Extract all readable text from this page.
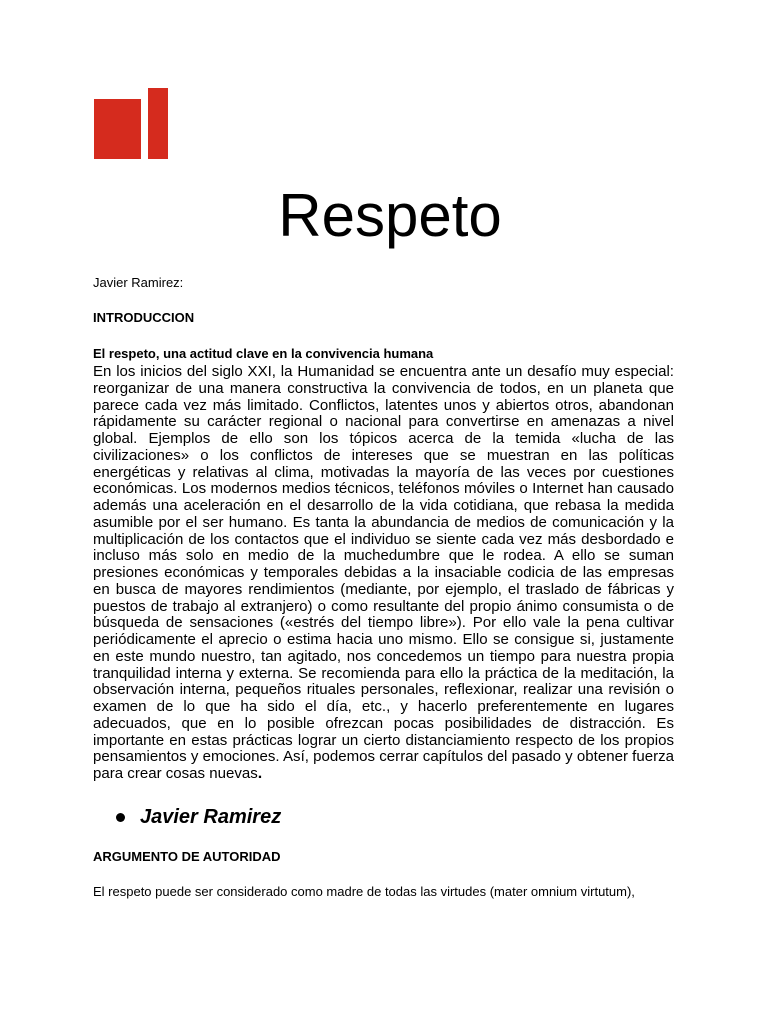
Respeto
Javier Ramirez:
INTRODUCCION
El respeto, una actitud clave en la convivencia humana

En los inicios del siglo XXI, la Humanidad se encuentra ante un desafío muy especial: reorganizar de una manera constructiva la convivencia de todos, en un planeta que parece cada vez más limitado. Conflictos, latentes unos y abiertos otros, abandonan rápidamente su carácter regional o nacional para convertirse en amenazas a nivel global. Ejemplos de ello son los tópicos acerca de la temida «lucha de las civilizaciones» o los conflictos de intereses que se muestran en las políticas energéticas y relativas al clima, motivadas la mayoría de las veces por cuestiones económicas. Los modernos medios técnicos, teléfonos móviles o Internet han causado además una aceleración en el desarrollo de la vida cotidiana, que rebasa la medida asumible por el ser humano. Es tanta la abundancia de medios de comunicación y la multiplicación de los contactos que el individuo se siente cada vez más desbordado e incluso más solo en medio de la muchedumbre que le rodea. A ello se suman presiones económicas y temporales debidas a la insaciable codicia de las empresas en busca de mayores rendimientos (mediante, por ejemplo, el traslado de fábricas y puestos de trabajo al extranjero) o como resultante del propio ánimo consumista o de búsqueda de sensaciones («estrés del tiempo libre»). Por ello vale la pena cultivar periódicamente el aprecio o estima hacia uno mismo. Ello se consigue si, justamente en este mundo nuestro, tan agitado, nos concedemos un tiempo para nuestra propia tranquilidad interna y externa. Se recomienda para ello la práctica de la meditación, la observación interna, pequeños rituales personales, reflexionar, realizar una revisión o examen de lo que ha sido el día, etc., y hacerlo preferentemente en lugares adecuados, que en lo posible ofrezcan pocas posibilidades de distracción. Es importante en estas prácticas lograr un cierto distanciamiento respecto de los propios pensamientos y emociones. Así, podemos cerrar capítulos del pasado y obtener fuerza para crear cosas nuevas.

Javier Ramirez
ARGUMENTO DE AUTORIDAD

El respeto puede ser considerado como madre de todas las virtudes (mater omnium virtutum),
